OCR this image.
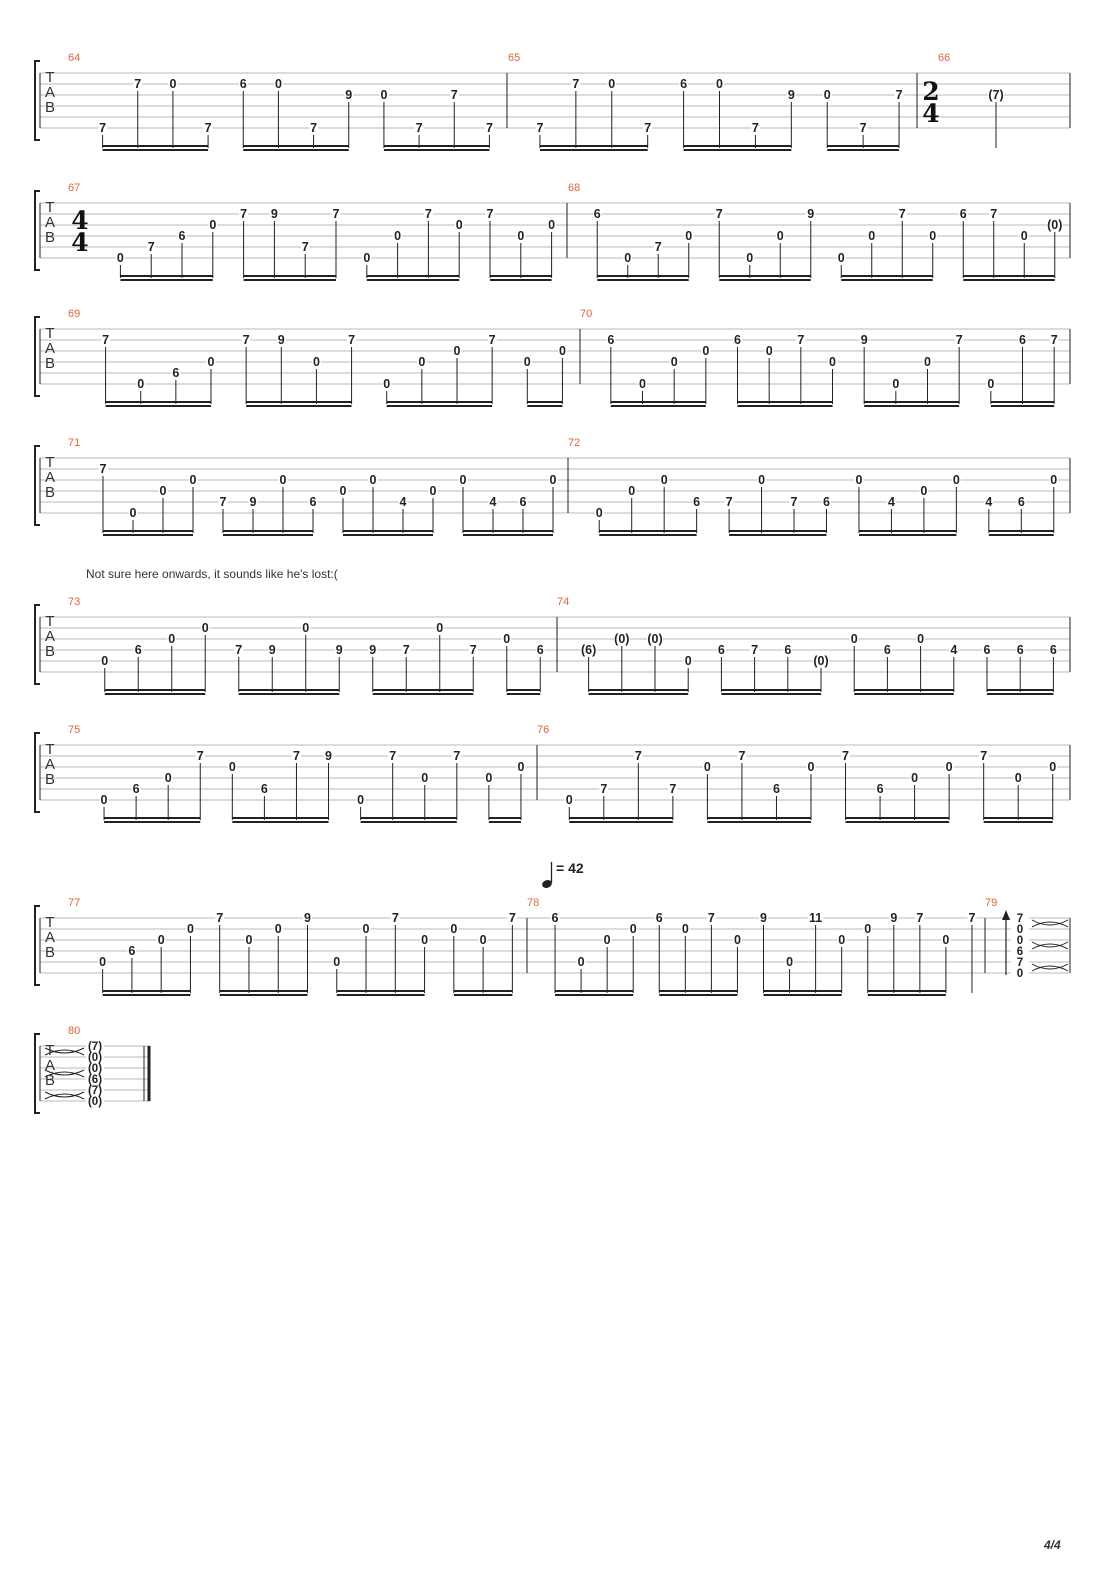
T
A
B
64
7
7 0
7
6 0
7
9 0
7
7
7
65
7
7 0
7
6 0
7
9 0
7
7
66
(7)
T
A
B
67
0
7
6
0
7 9
7
7
0
0
7
0
7
0
0
68
6
0
7
0
7
0
0
9
0
0
7
0
6 7
0
(0)
T
A
B
69
7
0
6
0
7 9
0
7
0
0
0
7
0
0
70
6
0
0
0
6
0
7
0
9
0
0
7
0
6 7
T
A
B
71
7
0
0
0
7 9
0
6
0
0
4
0
0
4 6
0
72
0
0
0
6 7
0
7 6
0
4
0
0
4 6
0
T
A
B
73
0
6
0
0
7 9
0
9 9 7
0
7
0
6
74
(6)
(0) (0)
0
6 7 6
(0)
0
6
0
4 6 6 6
T
A
B
75
0
6
0
7
0
6
7 9
0
7
0
7
0
0
76
0
7
7
7
0
7
6
0
7
6
0
0
7
0
0
T
A
B
77
0
6
0
0
7
0
0
9
0
0
7
0
0
0
7
78
6
0
0
0
6
0
7
0
9
0
11
0
0
9 7
0
7
79
7
0
0
6
7
0
T
A
B
80
(7)
(0)
(0)
(6)
(7)
(0)
2
4
4
4
= 42
Not sure here onwards, it sounds like he's lost:(
4/4
